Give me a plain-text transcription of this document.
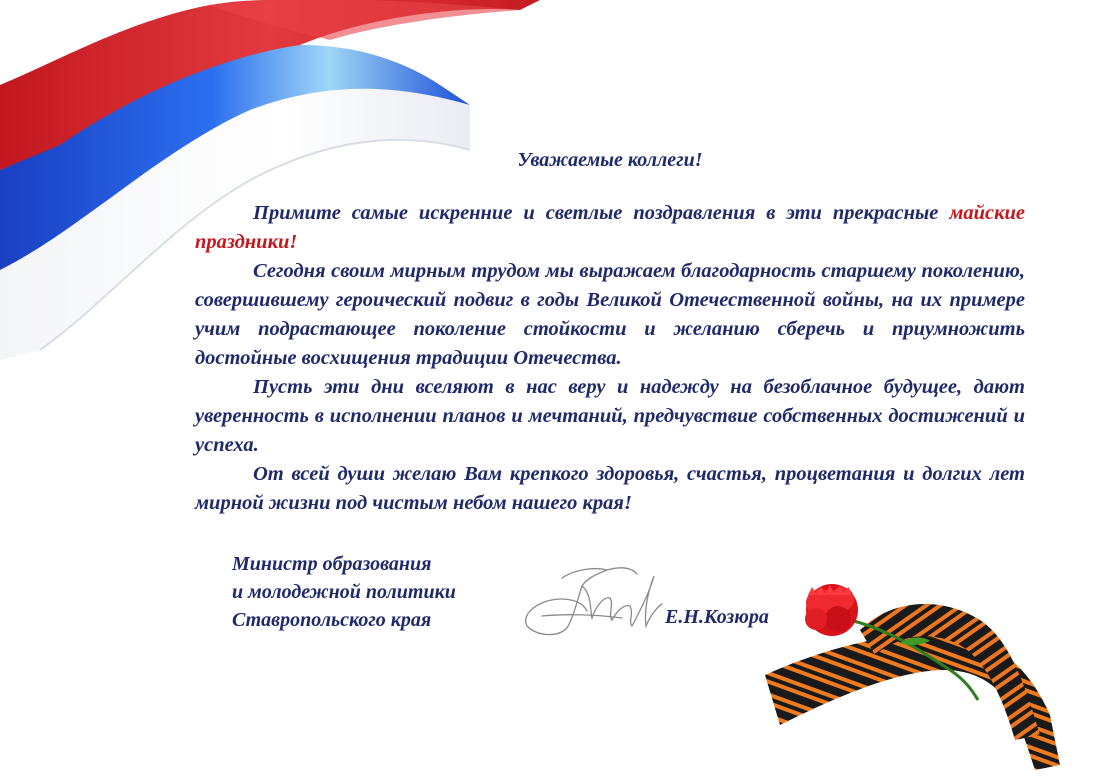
Уважаемые коллеги!

Примите самые искренние и светлые поздравления в эти прекрасные майские праздники!

Сегодня своим мирным трудом мы выражаем благодарность старшему поколению, совершившему героический подвиг в годы Великой Отечественной войны, на их примере учим подрастающее поколение стойкости и желанию сберечь и приумножить достойные восхищения традиции Отечества.

Пусть эти дни вселяют в нас веру и надежду на безоблачное будущее, дают уверенность в исполнении планов и мечтаний, предчувствие собственных достижений и успеха.

От всей души желаю Вам крепкого здоровья, счастья, процветания и долгих лет мирной жизни под чистым небом нашего края!

Министр образования
и молодежной политики
Ставропольского края	Е.Н.Козюра
